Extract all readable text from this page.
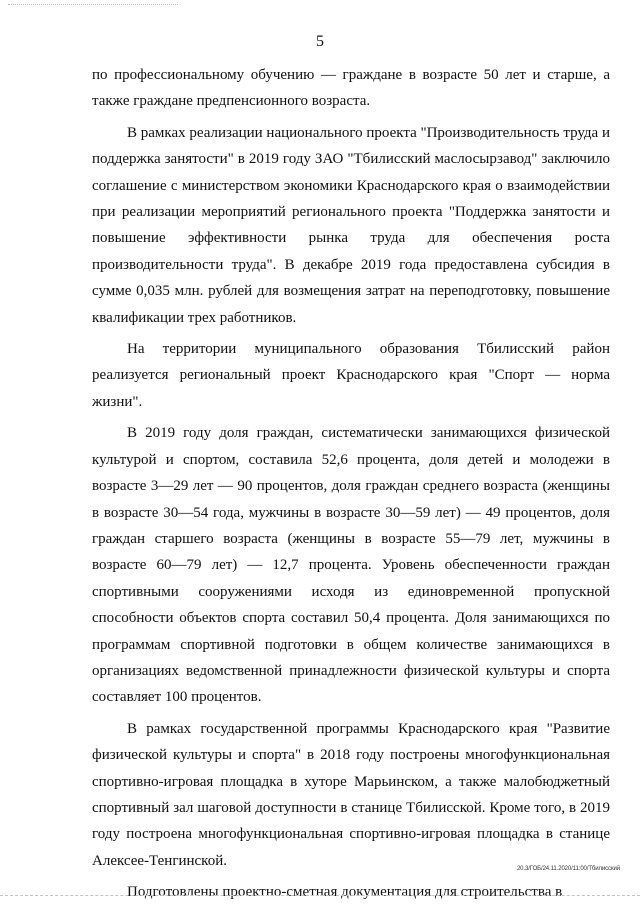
5

по профессиональному обучению — граждане в возрасте 50 лет и старше, а также граждане предпенсионного возраста.

В рамках реализации национального проекта "Производительность труда и поддержка занятости" в 2019 году ЗАО "Тбилисский маслосырзавод" заключило соглашение с министерством экономики Краснодарского края о взаимодействии при реализации мероприятий регионального проекта "Поддержка занятости и повышение эффективности рынка труда для обеспечения роста производительности труда". В декабре 2019 года предоставлена субсидия в сумме 0,035 млн. рублей для возмещения затрат на переподготовку, повышение квалификации трех работников.

На территории муниципального образования Тбилисский район реализуется региональный проект Краснодарского края "Спорт — норма жизни".

В 2019 году доля граждан, систематически занимающихся физической культурой и спортом, составила 52,6 процента, доля детей и молодежи в возрасте 3—29 лет — 90 процентов, доля граждан среднего возраста (женщины в возрасте 30—54 года, мужчины в возрасте 30—59 лет) — 49 процентов, доля граждан старшего возраста (женщины в возрасте 55—79 лет, мужчины в возрасте 60—79 лет) — 12,7 процента. Уровень обеспеченности граждан спортивными сооружениями исходя из единовременной пропускной способности объектов спорта составил 50,4 процента. Доля занимающихся по программам спортивной подготовки в общем количестве занимающихся в организациях ведомственной принадлежности физической культуры и спорта составляет 100 процентов.

В рамках государственной программы Краснодарского края "Развитие физической культуры и спорта" в 2018 году построены многофункциональная спортивно-игровая площадка в хуторе Марьинском, а также малобюджетный спортивный зал шаговой доступности в станице Тбилисской. Кроме того, в 2019 году построена многофункциональная спортивно-игровая площадка в станице Алексее-Тенгинской.

Подготовлены проектно-сметная документация для строительства в

20.3/ГОБ/24.11.2020/11:00/Тбилисский
